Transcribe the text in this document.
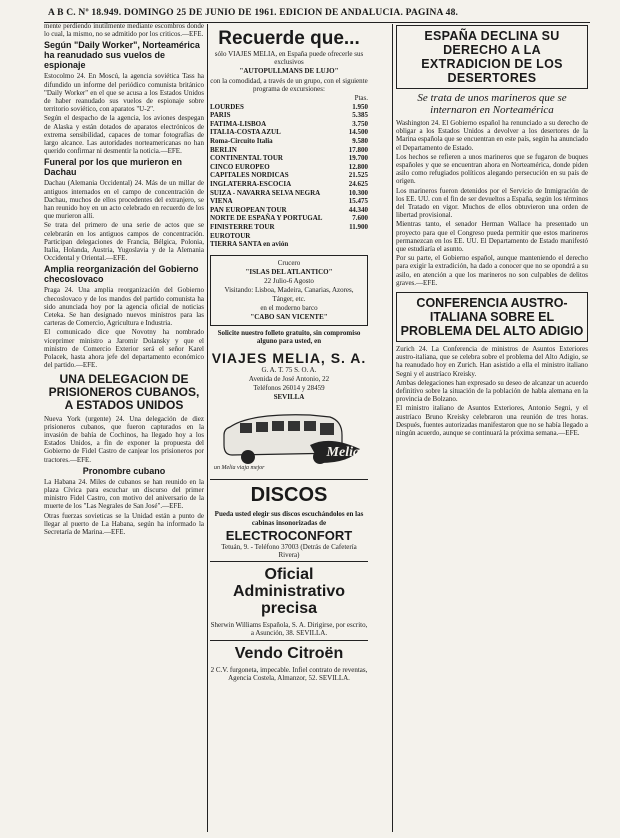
A B C. Nº 18.949. DOMINGO 25 DE JUNIO DE 1961. EDICION DE ANDALUCIA. PAGINA 48.
mente perdiendo inutilmente mediante escombros donde lo cual, la mismo, no se admitido por los criticos.—EFE.
Según "Daily Worker", Norteamérica ha reanudado sus vuelos de espionaje
Estocolmo 24. En Moscú, la agencia soviética Tass ha difundido un informe del periódico comunista británico "Daily Worker" en el que se acusa a los Estados Unidos de haber reanudado sus vuelos de espionaje sobre territorio soviético, con aparatos "U-2".
Según el despacho de la agencia, los aviones despegan de Alaska y están dotados de aparatos electrónicos de extrema sensibilidad, capaces de tomar fotografías de largo alcance. Las autoridades norteamericanas no han querido confirmar ni desmentir la noticia.—EFE.
Funeral por los que murieron en Dachau
Dachau (Alemania Occidental) 24. Más de un millar de antiguos internados en el campo de concentración de Dachau, muchos de ellos procedentes del extranjero, se han reunido hoy en un acto celebrado en recuerdo de los que murieron allí.
Se trata del primero de una serie de actos que se celebrarán en los antiguos campos de concentración. Participan delegaciones de Francia, Bélgica, Polonia, Italia, Holanda, Austria, Yugoslavia y de la Alemania Occidental y Oriental.—EFE.
Amplia reorganización del Gobierno checoslovaco
Praga 24. Una amplia reorganización del Gobierno checoslovaco y de los mandos del partido comunista ha sido anunciada hoy por la agencia oficial de noticias Ceteka. Se han designado nuevos ministros para las carteras de Comercio, Agricultura e Industria.
El comunicado dice que Novotny ha nombrado viceprimer ministro a Jaromir Dolansky y que el ministro de Comercio Exterior será el señor Karel Polacek, hasta ahora jefe del departamento económico del partido.—EFE.
UNA DELEGACION DE PRISIONEROS CUBANOS, A ESTADOS UNIDOS
Nueva York (urgente) 24. Una delegación de diez prisioneros cubanos, que fueron capturados en la invasión de bahía de Cochinos, ha llegado hoy a los Estados Unidos, a fin de exponer la propuesta del Gobierno de Fidel Castro de canjear los prisioneros por tractores.—EFE.
Pronombre cubano
La Habana 24. Miles de cubanos se han reunido en la plaza Cívica para escuchar un discurso del primer ministro Fidel Castro, con motivo del aniversario de la muerte de los "Las Negrales de San José".—EFE.
Otras fuerzas sovieticas se la Unidad están a punto de llegar al puerto de La Habana, según ha informado la Secretaría de Marina.—EFE.
Recuerde que...
sólo VIAJES MELIA, en España puede ofrecerle sus exclusivos
"AUTOPULLMANS DE LUJO"
con la comodidad, a través de un grupo, con el siguiente programa de excursiones:
Ptas.
LOURDES	1.950
PARIS	5.385
FATIMA-LISBOA	3.750
ITALIA-COSTA AZUL	14.500
Roma-Circuito Italia	9.580
BERLIN	17.800
CONTINENTAL TOUR	19.700
CINCO EUROPEO	12.800
CAPITALES NORDICAS	21.525
INGLATERRA-ESCOCIA	24.625
SUIZA - NAVARRA SELVA NEGRA	10.300
VIENA	15.475
PAN EUROPEAN TOUR	44.340
NORTE DE ESPAÑA Y PORTUGAL	7.600
FINISTERRE TOUR	11.900
EUROTOUR
TIERRA SANTA en avión
Crucero
"ISLAS DEL ATLANTICO"
22 Julio-6 Agosto
Visitando: Lisboa, Madeira, Canarias, Azores, Tánger, etc.
en el moderno barco
"CABO SAN VICENTE"
Solicite nuestro folleto gratuito, sin compromiso alguno para usted, en
VIAJES MELIA, S. A.
G. A. T. 75 S. O. A.
Avenida de José Antonio, 22
Teléfonos 26014 y 28459
SEVILLA
Melia
un Melia viaja mejor
DISCOS
Pueda usted elegir sus discos escuchándolos en las cabinas insonorizadas de
ELECTROCONFORT
Tetuán, 9. - Teléfono 37003 (Detrás de Cafetería Rivera)
Oficial Administrativo precisa
Sherwin Williams Española, S. A. Dirigirse, por escrito, a Asunción, 38. SEVILLA.
Vendo Citroën
2 C.V. furgoneta, impecable. Infiel contrato de reventas, Agencia Costela, Almanzor, 52. SEVILLA.
ESPAÑA DECLINA SU DERECHO A LA EXTRADICION DE LOS DESERTORES
Se trata de unos marineros que se internaron en Norteamérica
Washington 24. El Gobierno español ha renunciado a su derecho de obligar a los Estados Unidos a devolver a los desertores de la Marina española que se encuentran en este país, según ha anunciado el Departamento de Estado.
Los hechos se refieren a unos marineros que se fugaron de buques españoles y que se encuentran ahora en Norteamérica, donde piden asilo como refugiados políticos alegando persecución en su país de origen.
Los marineros fueron detenidos por el Servicio de Inmigración de los EE. UU. con el fin de ser devueltos a España, según los términos del Tratado en vigor. Muchos de ellos obtuvieron una orden de libertad provisional.
Mientras tanto, el senador Herman Wallace ha presentado un proyecto para que el Congreso pueda permitir que estos marineros permanezcan en los EE. UU. El Departamento de Estado manifestó que estudiaría el asunto.
Por su parte, el Gobierno español, aunque manteniendo el derecho para exigir la extradición, ha dado a conocer que no se opondrá a su asilo, en atención a que los marineros no son culpables de delitos graves.—EFE.
CONFERENCIA AUSTRO-ITALIANA SOBRE EL PROBLEMA DEL ALTO ADIGIO
Zurich 24. La Conferencia de ministros de Asuntos Exteriores austro-italiana, que se celebra sobre el problema del Alto Adigio, se ha reanudado hoy en Zurich. Han asistido a ella el ministro italiano Segni y el austríaco Kreisky.
Ambas delegaciones han expresado su deseo de alcanzar un acuerdo definitivo sobre la situación de la población de habla alemana en la provincia de Bolzano.
El ministro italiano de Asuntos Exteriores, Antonio Segni, y el austríaco Bruno Kreisky celebraron una reunión de tres horas. Después, fuentes autorizadas manifestaron que no se había llegado a ningún acuerdo, aunque se continuará la próxima semana.—EFE.
